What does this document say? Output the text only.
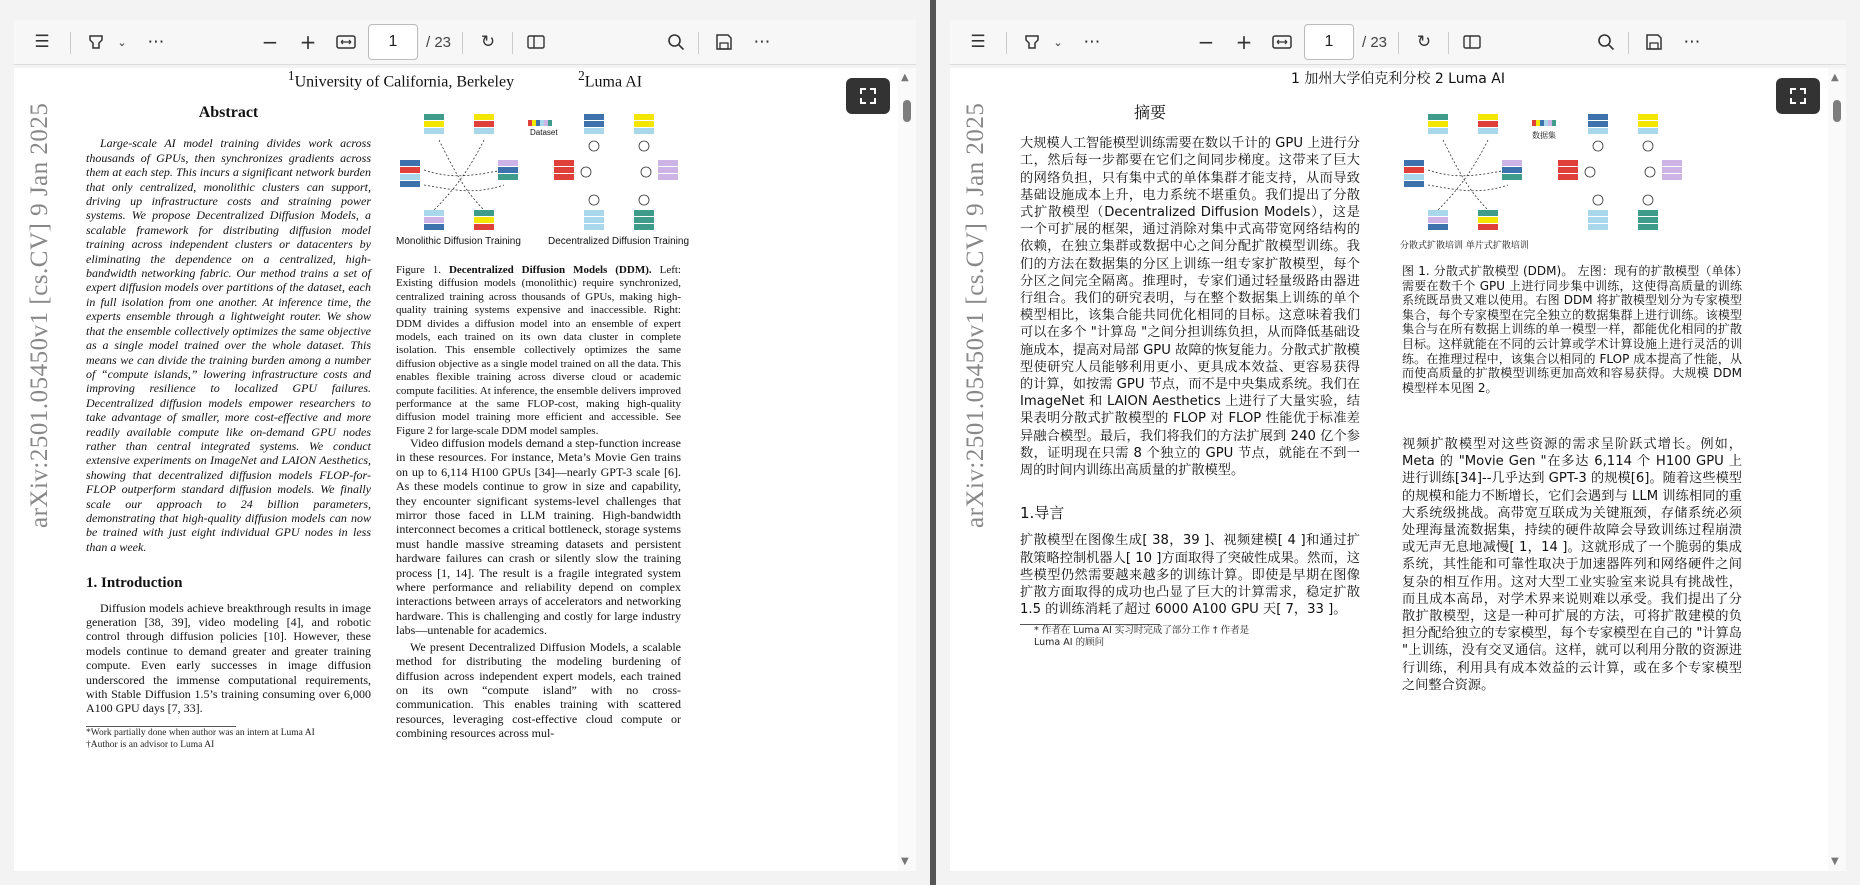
☰	⌄	⋯	−	+	1	/ 23	↻	⋯
$^1$University of California, Berkeley	$^2$Luma AI
arXiv:2501.05450v1 [cs.CV] 9 Jan 2025	Abstract
Large-scale AI model training divides work across thousands of GPUs, then synchronizes gradients across them at each step. This incurs a significant network burden that only centralized, monolithic clusters can support, driving up infrastructure costs and straining power systems. We propose Decentralized Diffusion Models, a scalable framework for distributing diffusion model training across independent clusters or datacenters by eliminating the dependence on a centralized, high-bandwidth networking fabric. Our method trains a set of expert diffusion models over partitions of the dataset, each in full isolation from one another. At inference time, the experts ensemble through a lightweight router. We show that the ensemble collectively optimizes the same objective as a single model trained over the whole dataset. This means we can divide the training burden among a number of “compute islands,” lowering infrastructure costs and improving resilience to localized GPU failures. Decentralized diffusion models empower researchers to take advantage of smaller, more cost-effective and more readily available compute like on-demand GPU nodes rather than central integrated systems. We conduct extensive experiments on ImageNet and LAION Aesthetics, showing that decentralized diffusion models FLOP-for-FLOP outperform standard diffusion models. We finally scale our approach to 24 billion parameters, demonstrating that high-quality diffusion models can now be trained with just eight individual GPU nodes in less than a week.
1. Introduction

Diffusion models achieve breakthrough results in image generation [38, 39], video modeling [4], and robotic control through diffusion policies [10]. However, these models continue to demand greater and greater training compute. Even early successes in image diffusion underscored the immense computational requirements, with Stable Diffusion 1.5’s training consuming over 6,000 A100 GPU days [7, 33].

*Work partially done when author was an intern at Luma AI
†Author is an advisor to Luma AI
Dataset
Monolithic Diffusion Training	Decentralized Diffusion Training
Figure 1. Decentralized Diffusion Models (DDM). Left: Existing diffusion models (monolithic) require synchronized, centralized training across thousands of GPUs, making high-quality training systems expensive and inaccessible. Right: DDM divides a diffusion model into an ensemble of expert models, each trained on its own data cluster in complete isolation. This ensemble collectively optimizes the same diffusion objective as a single model trained on all the data. This enables flexible training across diverse cloud or academic compute facilities. At inference, the ensemble delivers improved performance at the same FLOP-cost, making high-quality diffusion model training more efficient and accessible. See Figure 2 for large-scale DDM model samples.

Video diffusion models demand a step-function increase in these resources. For instance, Meta’s Movie Gen trains on up to 6,114 H100 GPUs [34]—nearly GPT-3 scale [6]. As these models continue to grow in size and capability, they encounter significant systems-level challenges that mirror those faced in LLM training. High-bandwidth interconnect becomes a critical bottleneck, storage systems must handle massive streaming datasets and persistent hardware failures can crash or silently slow the training process [1, 14]. The result is a fragile integrated system where performance and reliability depend on complex interactions between arrays of accelerators and networking hardware. This is challenging and costly for large industry labs—untenable for academics.

We present Decentralized Diffusion Models, a scalable method for distributing the modeling burdening of diffusion across independent expert models, each trained on its own “compute island” with no cross-communication. This enables training with scattered resources, leveraging cost-effective cloud compute or combining resources across mul-

▲
▼
☰	⌄	⋯	−	+	1	/ 23	↻	⋯
1 加州大学伯克利分校 2 Luma AI
arXiv:2501.05450v1 [cs.CV] 9 Jan 2025	摘要
大规模人工智能模型训练需要在数以千计的 GPU 上进行分工，然后每一步都要在它们之间同步梯度。这带来了巨大的网络负担，只有集中式的单体集群才能支持，从而导致基础设施成本上升，电力系统不堪重负。我们提出了分散式扩散模型（Decentralized Diffusion Models），这是一个可扩展的框架，通过消除对集中式高带宽网络结构的依赖，在独立集群或数据中心之间分配扩散模型训练。我们的方法在数据集的分区上训练一组专家扩散模型，每个分区之间完全隔离。推理时，专家们通过轻量级路由器进行组合。我们的研究表明，与在整个数据集上训练的单个模型相比，该集合能共同优化相同的目标。这意味着我们可以在多个 "计算岛 "之间分担训练负担，从而降低基础设施成本，提高对局部 GPU 故障的恢复能力。分散式扩散模型使研究人员能够利用更小、更具成本效益、更容易获得的计算，如按需 GPU 节点，而不是中央集成系统。我们在 ImageNet 和 LAION Aesthetics 上进行了大量实验，结果表明分散式扩散模型的 FLOP 对 FLOP 性能优于标准差异融合模型。最后，我们将我们的方法扩展到 240 亿个参数，证明现在只需 8 个独立的 GPU 节点，就能在不到一周的时间内训练出高质量的扩散模型。
1.导言
扩散模型在图像生成[ 38，39 ]、视频建模[ 4 ]和通过扩散策略控制机器人[ 10 ]方面取得了突破性成果。然而，这些模型仍然需要越来越多的训练计算。即使是早期在图像扩散方面取得的成功也凸显了巨大的计算需求，稳定扩散 1.5 的训练消耗了超过 6000 A100 GPU 天[ 7，33 ]。
* 作者在 Luma AI 实习时完成了部分工作 † 作者是
Luma AI 的顾问
数据集
分散式扩散培训 单片式扩散培训
图 1. 分散式扩散模型 (DDM)。 左图：现有的扩散模型（单体）需要在数千个 GPU 上进行同步集中训练，这使得高质量的训练系统既昂贵又难以使用。右图 DDM 将扩散模型划分为专家模型集合，每个专家模型在完全独立的数据集群上进行训练。该模型集合与在所有数据上训练的单一模型一样，都能优化相同的扩散目标。这样就能在不同的云计算或学术计算设施上进行灵活的训练。在推理过程中，该集合以相同的 FLOP 成本提高了性能，从而使高质量的扩散模型训练更加高效和容易获得。大规模 DDM 模型样本见图 2。
视频扩散模型对这些资源的需求呈阶跃式增长。例如，Meta 的 "Movie Gen "在多达 6,114 个 H100 GPU 上进行训练[34]--几乎达到 GPT-3 的规模[6]。随着这些模型的规模和能力不断增长，它们会遇到与 LLM 训练相同的重大系统级挑战。高带宽互联成为关键瓶颈，存储系统必须处理海量流数据集，持续的硬件故障会导致训练过程崩溃或无声无息地减慢[ 1，14 ]。这就形成了一个脆弱的集成系统，其性能和可靠性取决于加速器阵列和网络硬件之间复杂的相互作用。这对大型工业实验室来说具有挑战性，而且成本高昂，对学术界来说则难以承受。我们提出了分散扩散模型，这是一种可扩展的方法，可将扩散建模的负担分配给独立的专家模型，每个专家模型在自己的 "计算岛 "上训练，没有交叉通信。这样，就可以利用分散的资源进行训练，利用具有成本效益的云计算，或在多个专家模型之间整合资源。
▲
▼
